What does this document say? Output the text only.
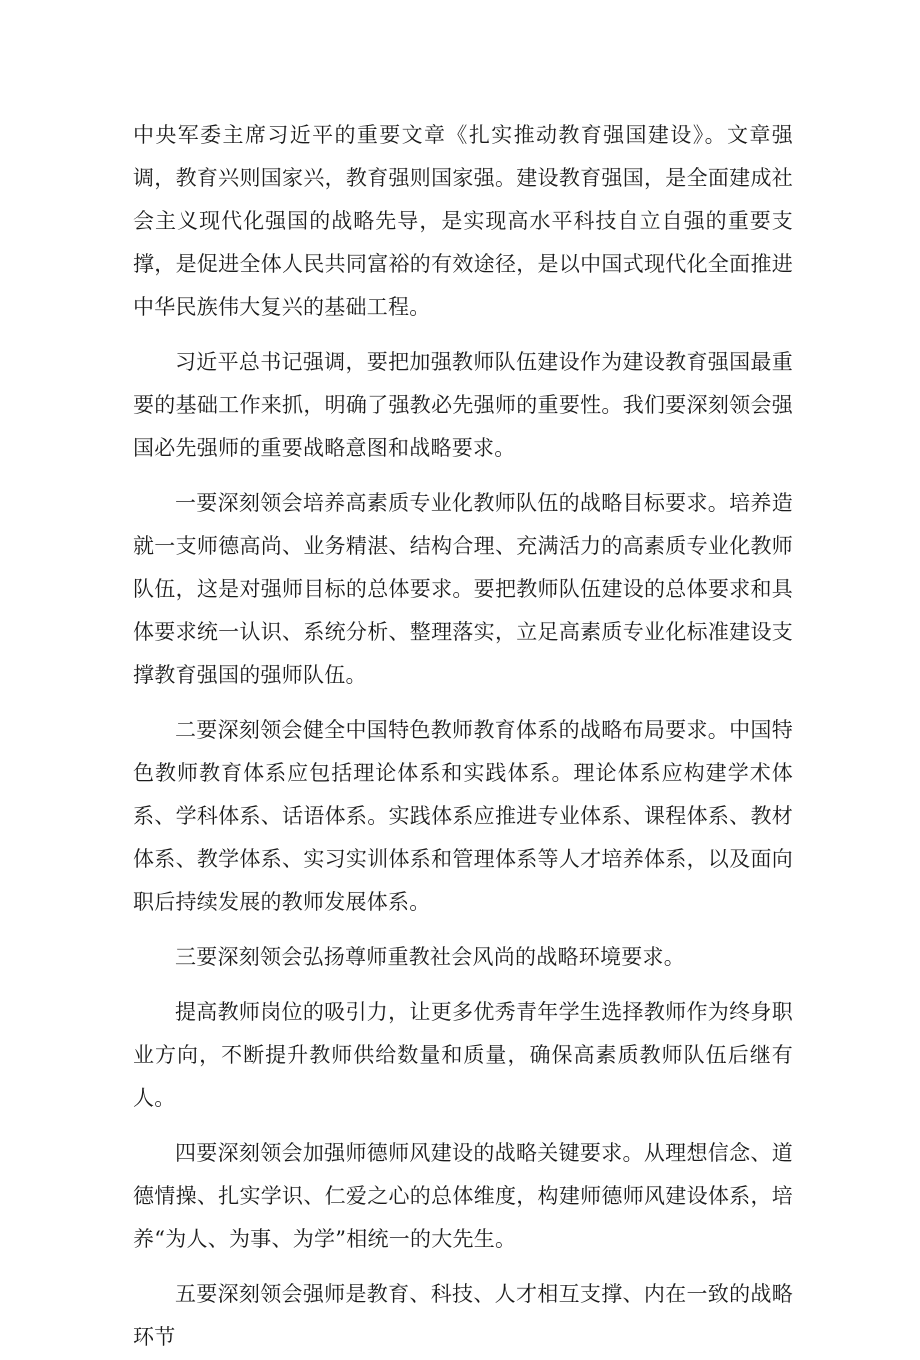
中央军委主席习近平的重要文章《扎实推动教育强国建设》。文章强调，教育兴则国家兴，教育强则国家强。建设教育强国，是全面建成社会主义现代化强国的战略先导，是实现高水平科技自立自强的重要支撑，是促进全体人民共同富裕的有效途径，是以中国式现代化全面推进中华民族伟大复兴的基础工程。

习近平总书记强调，要把加强教师队伍建设作为建设教育强国最重要的基础工作来抓，明确了强教必先强师的重要性。我们要深刻领会强国必先强师的重要战略意图和战略要求。

一要深刻领会培养高素质专业化教师队伍的战略目标要求。培养造就一支师德高尚、业务精湛、结构合理、充满活力的高素质专业化教师队伍，这是对强师目标的总体要求。要把教师队伍建设的总体要求和具体要求统一认识、系统分析、整理落实，立足高素质专业化标准建设支撑教育强国的强师队伍。

二要深刻领会健全中国特色教师教育体系的战略布局要求。中国特色教师教育体系应包括理论体系和实践体系。理论体系应构建学术体系、学科体系、话语体系。实践体系应推进专业体系、课程体系、教材体系、教学体系、实习实训体系和管理体系等人才培养体系，以及面向职后持续发展的教师发展体系。

三要深刻领会弘扬尊师重教社会风尚的战略环境要求。

提高教师岗位的吸引力，让更多优秀青年学生选择教师作为终身职业方向，不断提升教师供给数量和质量，确保高素质教师队伍后继有人。

四要深刻领会加强师德师风建设的战略关键要求。从理想信念、道德情操、扎实学识、仁爱之心的总体维度，构建师德师风建设体系，培养“为人、为事、为学”相统一的大先生。

五要深刻领会强师是教育、科技、人才相互支撑、内在一致的战略环节
